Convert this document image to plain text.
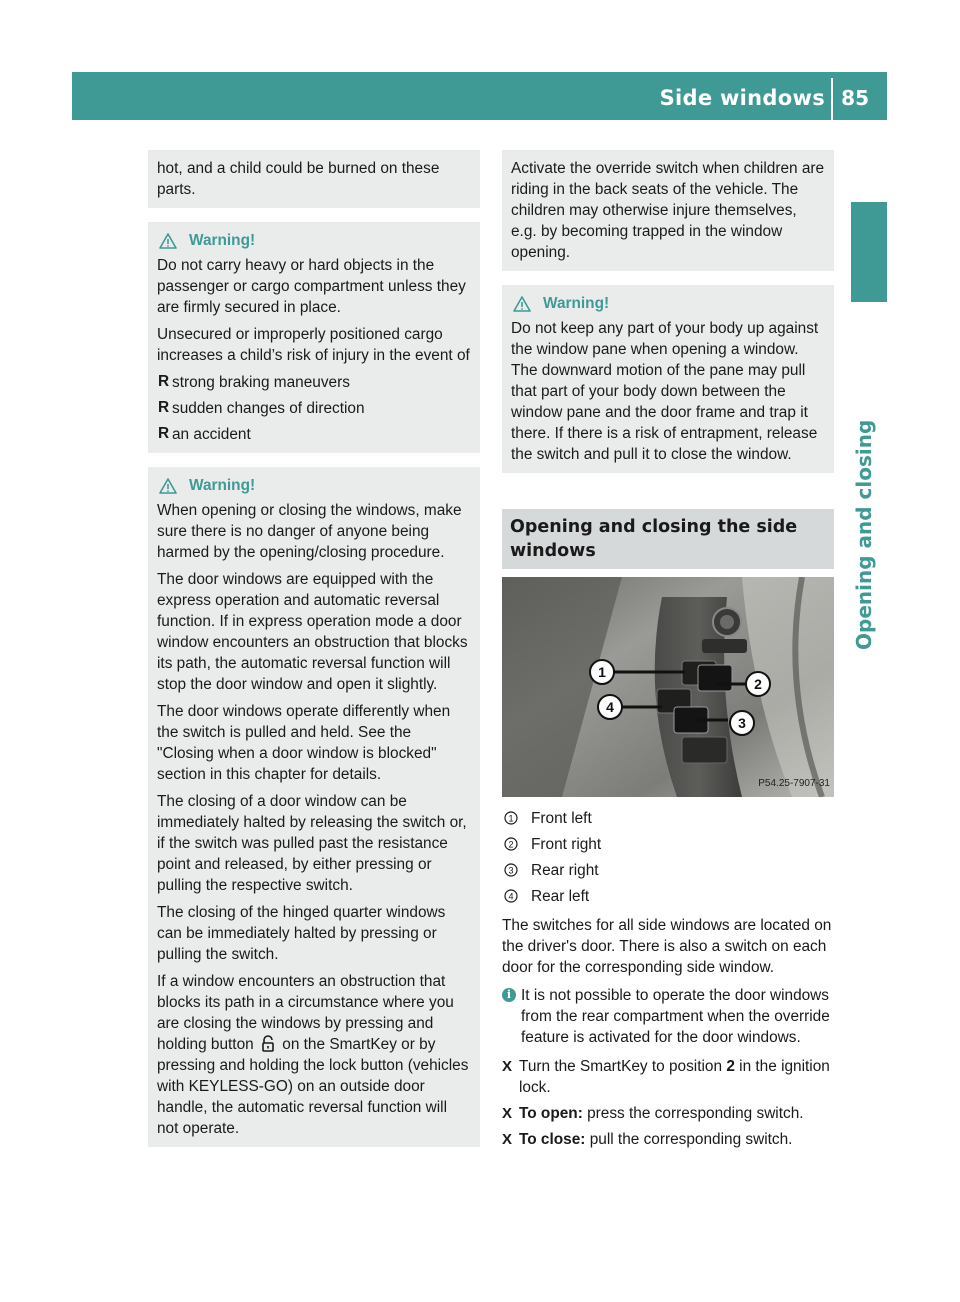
Side windows 85
Opening and closing

hot, and a child could be burned on these parts.

Warning!

Do not carry heavy or hard objects in the passenger or cargo compartment unless they are firmly secured in place.

Unsecured or improperly positioned cargo increases a child’s risk of injury in the event of

R strong braking maneuvers
R sudden changes of direction
R an accident
Warning!

When opening or closing the windows, make sure there is no danger of anyone being harmed by the opening/closing procedure.

The door windows are equipped with the express operation and automatic reversal function. If in express operation mode a door window encounters an obstruction that blocks its path, the automatic reversal function will stop the door window and open it slightly.

The door windows operate differently when the switch is pulled and held. See the "Closing when a door window is blocked" section in this chapter for details.

The closing of a door window can be immediately halted by releasing the switch or, if the switch was pulled past the resistance point and released, by either pressing or pulling the respective switch.

The closing of the hinged quarter windows can be immediately halted by pressing or pulling the switch.

If a window encounters an obstruction that blocks its path in a circumstance where you are closing the windows by pressing and holding button on the SmartKey or by pressing and holding the lock button (vehicles with KEYLESS-GO) on an outside door handle, the automatic reversal function will not operate.

Activate the override switch when children are riding in the back seats of the vehicle. The children may otherwise injure themselves, e.g. by becoming trapped in the window opening.

Warning!

Do not keep any part of your body up against the window pane when opening a window. The downward motion of the pane may pull that part of your body down between the window pane and the door frame and trap it there. If there is a risk of entrapment, release the switch and pull it to close the window.

Opening and closing the side windows
1
2
3
4
P54.25-7907-31
1 Front left
2 Front right
3 Rear right
4 Rear left

The switches for all side windows are located on the driver's door. There is also a switch on each door for the corresponding side window.

i It is not possible to operate the door windows from the rear compartment when the override feature is activated for the door windows.

X Turn the SmartKey to position 2 in the ignition lock.

X To open: press the corresponding switch.

X To close: pull the corresponding switch.
